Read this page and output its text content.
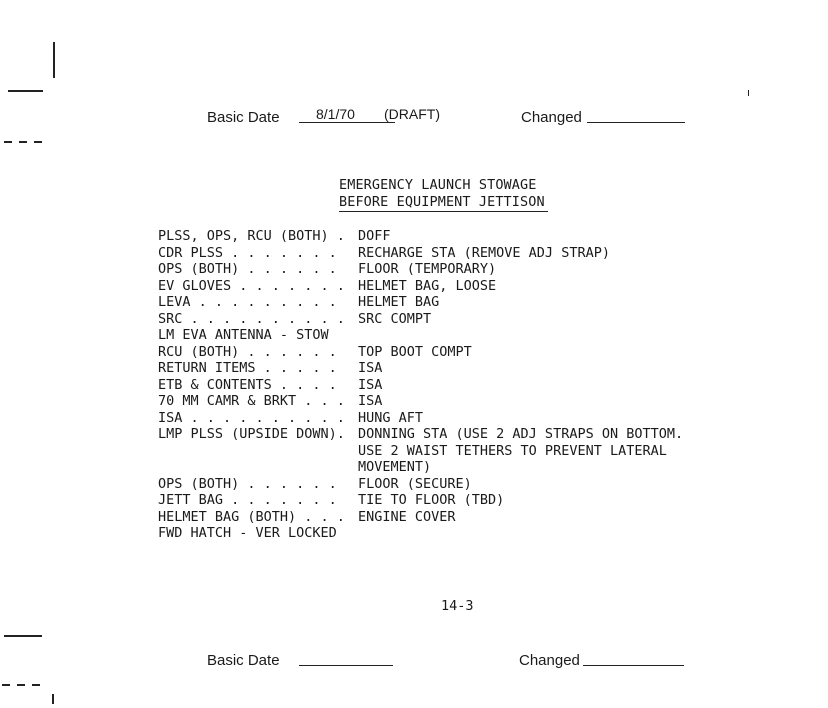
Basic Date	8/1/70 (DRAFT)	Changed
EMERGENCY LAUNCH STOWAGE
BEFORE EQUIPMENT JETTISON
PLSS, OPS, RCU (BOTH) . DOFF
CDR PLSS . . . . . . . RECHARGE STA (REMOVE ADJ STRAP)
OPS (BOTH) . . . . . . FLOOR (TEMPORARY)
EV GLOVES . . . . . . . HELMET BAG, LOOSE
LEVA . . . . . . . . . HELMET BAG
SRC . . . . . . . . . . SRC COMPT
LM EVA ANTENNA - STOW
RCU (BOTH) . . . . . . TOP BOOT COMPT
RETURN ITEMS . . . . . ISA
ETB & CONTENTS . . . . ISA
70 MM CAMR & BRKT . . . ISA
ISA . . . . . . . . . . HUNG AFT
LMP PLSS (UPSIDE DOWN). DONNING STA (USE 2 ADJ STRAPS ON BOTTOM.
USE 2 WAIST TETHERS TO PREVENT LATERAL
MOVEMENT)
OPS (BOTH) . . . . . . FLOOR (SECURE)
JETT BAG . . . . . . . TIE TO FLOOR (TBD)
HELMET BAG (BOTH) . . . ENGINE COVER
FWD HATCH - VER LOCKED
14-3
Basic Date	Changed
